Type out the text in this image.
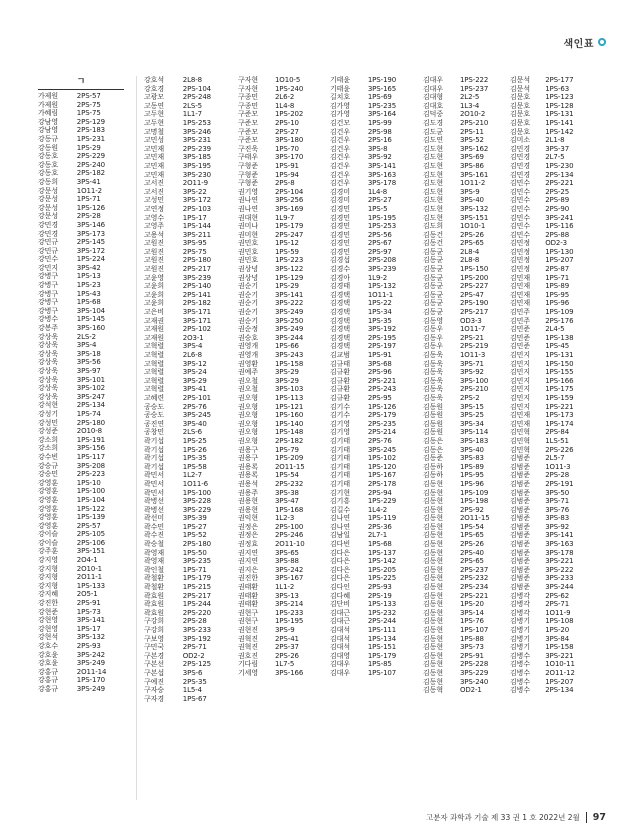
색인표
ㄱ
가제원	2PS-57
가제원	2PS-75
가혜림	1PS-75
강남영	2PS-129
강남영	2PS-183
강동규	1PS-231
강동원	1PS-29
강동호	2PS-229
강동호	2PS-240
강동호	2PS-182
강동희	3PS-41
강문성	1O11-2
강문성	1PS-71
강문성	1PS-126
강문성	2PS-28
강민경	3PS-146
강민경	3PS-173
강민규	2PS-145
강민규	3PS-172
강민수	1PS-224
강민지	3PS-42
강병구	1PS-13
강병구	1PS-23
강병구	1PS-43
강병구	1PS-68
강병구	3PS-104
강병수	1PS-145
강봉주	3PS-160
강상욱	2LS-2
강상욱	3PS-4
강상욱	3PS-18
강상욱	3PS-56
강상욱	3PS-97
강상욱	3PS-101
강상욱	3PS-102
강상욱	3PS-247
강석현	2PS-134
강성기	1PS-74
강성민	2PS-180
강성준	2O10-8
강소희	1PS-191
강소희	3PS-156
강수빈	1PS-117
강승규	3PS-208
강승민	2PS-223
강영훈	1PS-10
강영훈	1PS-100
강영훈	1PS-104
강영훈	1PS-122
강영훈	1PS-139
강영훈	2PS-57
강이슬	2PS-105
강이슬	2PS-106
강주훈	3PS-151
강지영	2O4-1
강지형	2O10-1
강지형	2O11-1
강지형	1PS-133
강지혜	2O5-1
강진한	2PS-91
강현준	1PS-73
강현영	3PS-141
강현영	1PS-17
강현석	3PS-132
강호수	2PS-93
강호윤	3PS-242
강호윤	3PS-249
강홍규	2O11-14
강홍규	1PS-170
강홍규	3PS-249
강호석	2L8-8
강호경	2PS-104
고광모	2PS-248
고동연	2LS-5
고두현	1L1-7
고두현	1PS-253
고명철	3PS-246
고민성	3PS-231
고민재	2PS-239
고민재	3PS-185
고민재	3PS-195
고민재	3PS-230
고서진	2O11-9
고서진	3PS-22
고성민	3PS-172
고연정	2PS-103
고영수	1PS-17
고영주	1PS-144
고용석	3PS-211
고원진	3PS-95
고원진	2PS-75
고원진	2PS-180
고원진	2PS-217
고윤영	3PS-239
고윤희	2PS-140
고윤희	2PS-141
고윤희	2PS-182
고은비	3PS-171
고재권	3PS-171
고재원	2PS-102
고재원	2O3-1
고혁렬	3PS-4
고혁렬	2L6-8
고혁렬	3PS-12
고혁렬	3PS-24
고혁렬	3PS-29
고혁렬	3PS-41
고혜련	2PS-101
공승도	2PS-76
공승도	3PS-245
공진연	3PS-40
공창민	2LS-6
곽기섭	1PS-25
곽기섭	1PS-26
곽기섭	1PS-35
곽기섭	1PS-58
곽민서	1L2-7
곽민서	1O11-6
곽민서	1PS-100
곽병선	3PS-228
곽병선	3PS-229
곽선미	3PS-39
곽수민	1PS-27
곽수진	1PS-52
곽승철	2PS-180
곽영재	1PS-50
곽영재	3PS-235
곽인철	1PS-71
곽철환	1PS-179
곽철환	1PS-215
곽효원	2PS-217
곽효원	1PS-244
곽효원	2PS-220
구강희	2PS-28
구강희	3PS-233
구보영	3PS-192
구민국	2PS-71
구본경	OD2-2
구본선	2PS-125
구본섭	3PS-6
구예진	2PS-35
구자승	1L5-4
구자경	1PS-67
구자현	1O10-5
구자현	1PS-240
구종민	2L6-2
구종민	1L4-8
구준모	1PS-202
구준모	2PS-10
구준모	2PS-27
구준모	3PS-180
구진욱	1PS-70
구태우	3PS-170
구형준	1PS-91
구형준	1PS-94
구형준	2PS-8
권기영	2PS-104
권나연	3PS-256
권나연	3PS-169
권대현	1L9-7
권미나	1PS-179
권미현	2PS-247
권민호	1PS-12
권민호	1PS-59
권민호	1PS-223
권상녕	3PS-122
권상녕	1PS-129
권순기	1PS-29
권순기	3PS-141
권순기	3PS-222
권순기	3PS-249
권순기	3PS-250
권순정	3PS-249
권승호	3PS-244
권영개	1PS-66
권영개	3PS-243
권영환	1PS-158
권예주	3PS-29
권오철	3PS-29
권오철	3PS-103
권오형	1PS-113
권오형	1PS-121
권오형	1PS-160
권오형	1PS-140
권오형	1PS-148
권오형	2PS-182
권용구	1PS-79
권용구	1PS-209
권용록	2O11-15
권용록	1PS-54
권용석	2PS-232
권용주	3PS-38
권용현	3PS-47
권용현	1PS-168
권익현	1L2-3
권정은	2PS-100
권정은	2PS-246
권정효	2O11-10
권지연	3PS-65
권지연	3PS-88
권지은	3PS-242
권진한	3PS-167
권태환	1L1-2
권태환	3PS-13
권태환	3PS-214
권현구	1PS-233
권현구	1PS-195
권현진	3PS-9
권혁진	2PS-41
권혁진	2PS-37
권호진	2PS-26
기다림	1L7-5
기세영	3PS-166
기태윤	1PS-190
기태윤	3PS-165
길치호	1PS-69
김가영	1PS-235
김가영	3PS-164
김건모	1PS-99
김건우	2PS-98
김건우	2PS-16
김건우	3PS-8
김건우	3PS-92
김건우	3PS-141
김건우	3PS-163
김건우	3PS-178
김경미	1L4-8
김경미	2PS-27
김경민	1PS-5
김경민	1PS-195
김경민	1PS-253
김경민	2PS-56
김경민	2PS-67
김경민	2PS-97
김경섭	2PS-208
김경수	3PS-239
김경아	1L9-2
김경태	1PS-132
김경택	1O11-1
김경택	1PS-22
김경택	1PS-34
김경택	1PS-35
김경택	3PS-192
김경택	2PS-195
김경택	2PS-197
김교범	1PS-91
김규태	3PS-68
김규환	2PS-96
김규환	2PS-221
김규환	2PS-243
김규환	2PS-95
김기수	1PS-126
김기수	2PS-179
김기영	2PS-235
김기영	2PS-214
김기태	2PS-76
김기태	3PS-245
김기태	1PS-102
김기태	1PS-120
김기태	1PS-167
김기태	2PS-178
김기현	2PS-94
김기흥	1PS-229
김길수	1L4-2
김나연	1PS-119
김나연	2PS-36
김남일	2L7-1
김다빈	1PS-68
김다은	1PS-137
김다은	1PS-142
김다은	1PS-205
김다은	1PS-225
김다인	2PS-93
김다혜	2PS-19
김단비	1PS-133
김대근	1PS-232
김대근	2PS-244
김대석	1PS-111
김대석	1PS-134
김대석	1PS-151
김대영	1PS-179
김대우	1PS-85
김대우	1PS-107
김대우	1PS-222
김대우	1PS-237
김대형	2L2-5
김대호	1L3-4
김덕중	2O10-2
김도경	2PS-210
김도균	2PS-11
김도연	3PS-52
김도현	3PS-162
김도현	3PS-69
김도현	3PS-86
김도현	3PS-161
김도현	1O11-2
김도현	3PS-9
김도현	3PS-40
김도현	3PS-132
김도현	3PS-151
김도희	1O10-1
김동건	2PS-26
김동건	2PS-65
김동균	2L8-4
김동균	2L8-8
김동균	1PS-150
김동균	1PS-200
김동균	2PS-227
김동균	2PS-47
김동균	2PS-190
김동균	2PS-217
김동영	OD3-3
김동우	1O11-7
김동우	2PS-21
김동우	2PS-219
김동욱	1O11-3
김동욱	3PS-71
김동욱	3PS-92
김동욱	3PS-100
김동욱	2PS-210
김동욱	2PS-2
김동원	3PS-15
김동원	3PS-25
김동원	3PS-34
김동원	3PS-114
김동은	3PS-183
김동은	3PS-40
김동준	3PS-83
김동하	1PS-89
김동하	1PS-95
김동현	1PS-96
김동현	1PS-109
김동현	1PS-198
김동현	2PS-92
김동현	2O11-15
김동현	1PS-54
김동현	1PS-65
김동현	2PS-26
김동현	2PS-40
김동현	2PS-65
김동현	2PS-237
김동현	2PS-232
김동현	2PS-234
김동현	2PS-221
김동현	1PS-20
김동현	3PS-14
김동현	1PS-76
김동현	1PS-107
김동현	1PS-88
김동현	3PS-73
김동현	2PS-91
김동현	2PS-228
김동현	3PS-229
김동현	3PS-240
김동혁	OD2-1
김문석	2PS-177
김문석	1PS-63
김문호	1PS-123
김문호	1PS-128
김문호	1PS-131
김문호	1PS-141
김문호	1PS-142
김미소	2L1-8
김민경	3PS-37
김민경	2L7-5
김민경	1PS-230
김민경	2PS-134
김민수	2PS-221
김민수	2PS-25
김민수	2PS-89
김민수	2PS-90
김민수	3PS-241
김민수	1PS-116
김민수	2PS-88
김민정	OD2-3
김민정	1PS-130
김민정	1PS-207
김민정	2PS-87
김민재	1PS-71
김민재	1PS-89
김민재	1PS-95
김민재	1PS-96
김민주	1PS-109
김민주	2PS-176
김민준	2L4-5
김민준	1PS-138
김민준	1PS-45
김민지	1PS-131
김민지	1PS-150
김민지	1PS-155
김민지	1PS-166
김민지	1PS-175
김민지	1PS-159
김민지	1PS-221
김민재	1PS-173
김민재	1PS-174
김민혁	2PS-84
김민혁	1LS-51
김민혁	2PS-226
김범준	2L5-7
김범준	1O11-3
김범준	2PS-28
김범준	2PS-191
김범준	3PS-50
김범준	3PS-71
김범준	3PS-76
김범준	3PS-83
김범준	3PS-92
김범준	3PS-141
김범준	3PS-163
김범준	3PS-178
김범준	3PS-221
김범준	3PS-222
김범준	3PS-233
김범준	3PS-244
김병각	2PS-62
김병각	2PS-71
김병각	1O11-9
김병기	1PS-108
김병기	1PS-20
김병기	3PS-84
김병기	1PS-158
김병수	3PS-221
김병수	1O10-11
김병수	2O11-12
김병수	1PS-207
김병수	2PS-134
고분자 과학과 기술 제 33 권 1 호 2022년 2월 97
